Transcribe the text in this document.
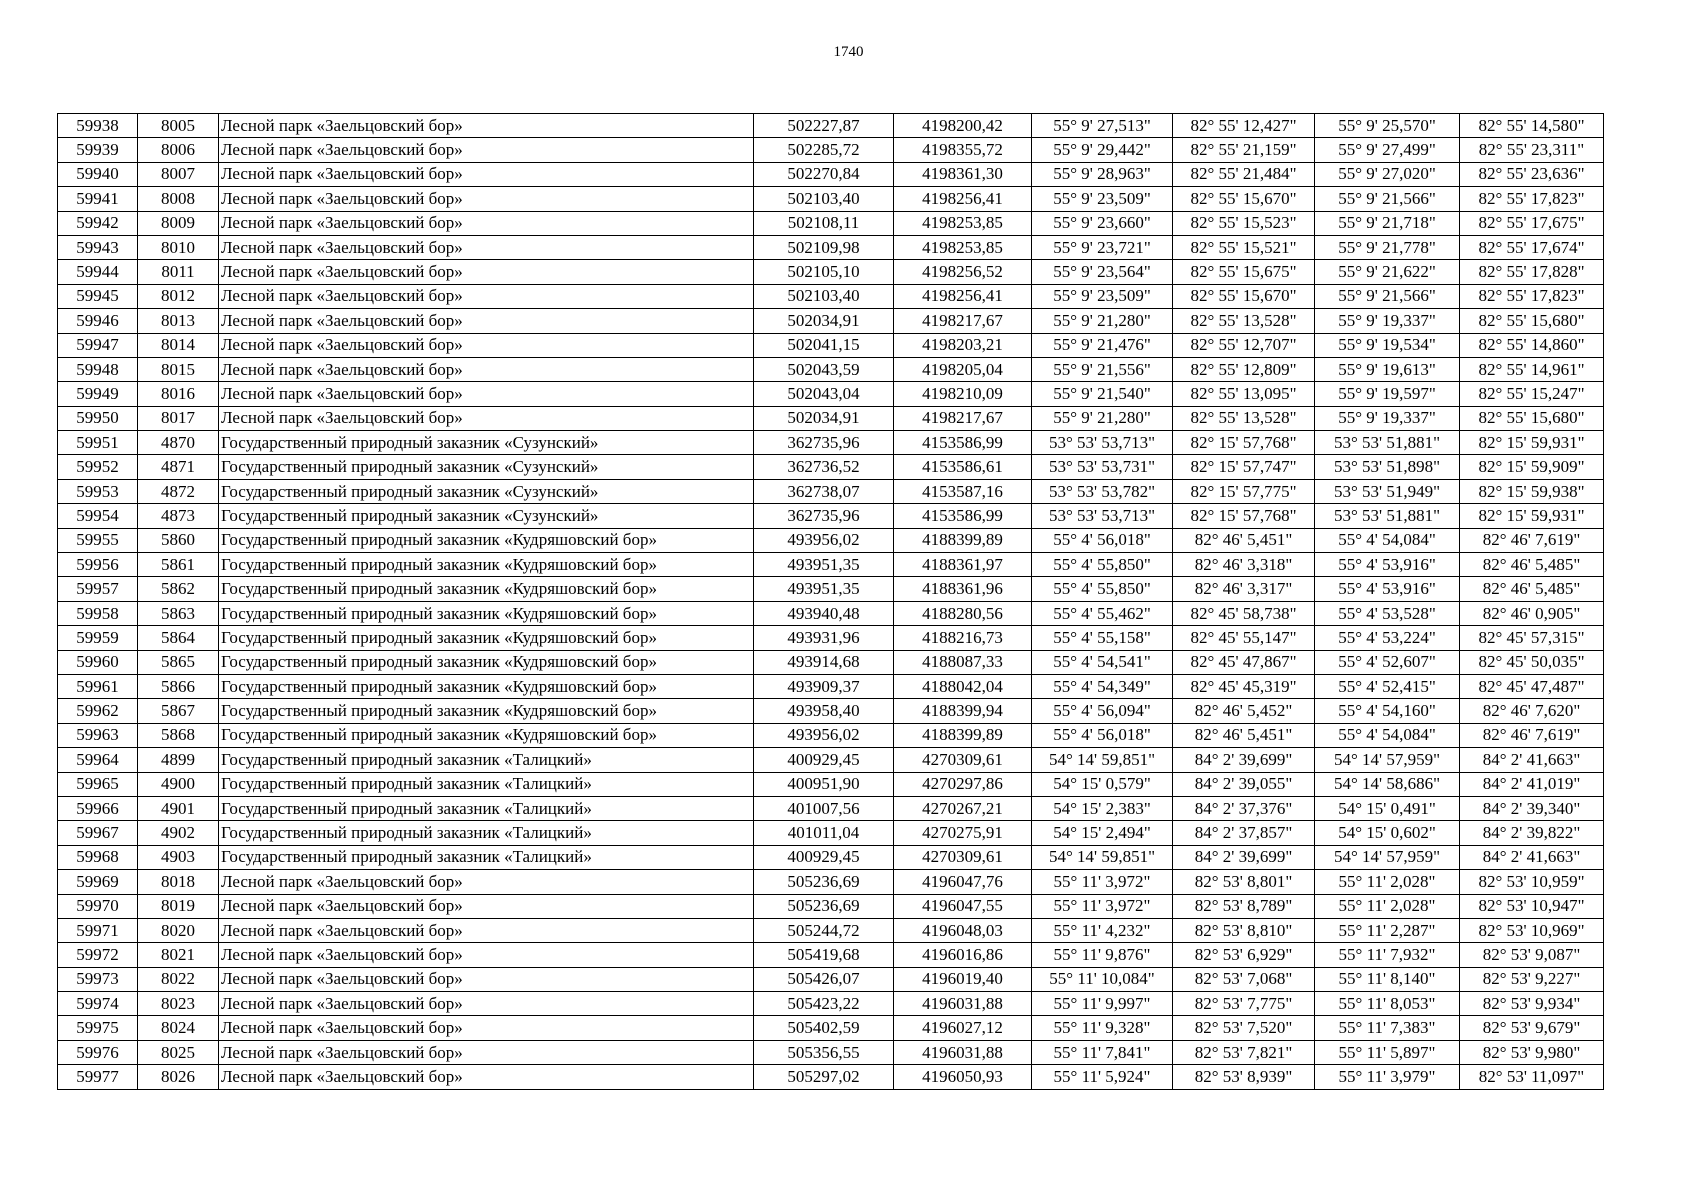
1740
59938	8005	Лесной парк «Заельцовский бор»	502227,87	4198200,42	55° 9' 27,513"	82° 55' 12,427"	55° 9' 25,570"	82° 55' 14,580"
59939	8006	Лесной парк «Заельцовский бор»	502285,72	4198355,72	55° 9' 29,442"	82° 55' 21,159"	55° 9' 27,499"	82° 55' 23,311"
59940	8007	Лесной парк «Заельцовский бор»	502270,84	4198361,30	55° 9' 28,963"	82° 55' 21,484"	55° 9' 27,020"	82° 55' 23,636"
59941	8008	Лесной парк «Заельцовский бор»	502103,40	4198256,41	55° 9' 23,509"	82° 55' 15,670"	55° 9' 21,566"	82° 55' 17,823"
59942	8009	Лесной парк «Заельцовский бор»	502108,11	4198253,85	55° 9' 23,660"	82° 55' 15,523"	55° 9' 21,718"	82° 55' 17,675"
59943	8010	Лесной парк «Заельцовский бор»	502109,98	4198253,85	55° 9' 23,721"	82° 55' 15,521"	55° 9' 21,778"	82° 55' 17,674"
59944	8011	Лесной парк «Заельцовский бор»	502105,10	4198256,52	55° 9' 23,564"	82° 55' 15,675"	55° 9' 21,622"	82° 55' 17,828"
59945	8012	Лесной парк «Заельцовский бор»	502103,40	4198256,41	55° 9' 23,509"	82° 55' 15,670"	55° 9' 21,566"	82° 55' 17,823"
59946	8013	Лесной парк «Заельцовский бор»	502034,91	4198217,67	55° 9' 21,280"	82° 55' 13,528"	55° 9' 19,337"	82° 55' 15,680"
59947	8014	Лесной парк «Заельцовский бор»	502041,15	4198203,21	55° 9' 21,476"	82° 55' 12,707"	55° 9' 19,534"	82° 55' 14,860"
59948	8015	Лесной парк «Заельцовский бор»	502043,59	4198205,04	55° 9' 21,556"	82° 55' 12,809"	55° 9' 19,613"	82° 55' 14,961"
59949	8016	Лесной парк «Заельцовский бор»	502043,04	4198210,09	55° 9' 21,540"	82° 55' 13,095"	55° 9' 19,597"	82° 55' 15,247"
59950	8017	Лесной парк «Заельцовский бор»	502034,91	4198217,67	55° 9' 21,280"	82° 55' 13,528"	55° 9' 19,337"	82° 55' 15,680"
59951	4870	Государственный природный заказник «Сузунский»	362735,96	4153586,99	53° 53' 53,713"	82° 15' 57,768"	53° 53' 51,881"	82° 15' 59,931"
59952	4871	Государственный природный заказник «Сузунский»	362736,52	4153586,61	53° 53' 53,731"	82° 15' 57,747"	53° 53' 51,898"	82° 15' 59,909"
59953	4872	Государственный природный заказник «Сузунский»	362738,07	4153587,16	53° 53' 53,782"	82° 15' 57,775"	53° 53' 51,949"	82° 15' 59,938"
59954	4873	Государственный природный заказник «Сузунский»	362735,96	4153586,99	53° 53' 53,713"	82° 15' 57,768"	53° 53' 51,881"	82° 15' 59,931"
59955	5860	Государственный природный заказник «Кудряшовский бор»	493956,02	4188399,89	55° 4' 56,018"	82° 46' 5,451"	55° 4' 54,084"	82° 46' 7,619"
59956	5861	Государственный природный заказник «Кудряшовский бор»	493951,35	4188361,97	55° 4' 55,850"	82° 46' 3,318"	55° 4' 53,916"	82° 46' 5,485"
59957	5862	Государственный природный заказник «Кудряшовский бор»	493951,35	4188361,96	55° 4' 55,850"	82° 46' 3,317"	55° 4' 53,916"	82° 46' 5,485"
59958	5863	Государственный природный заказник «Кудряшовский бор»	493940,48	4188280,56	55° 4' 55,462"	82° 45' 58,738"	55° 4' 53,528"	82° 46' 0,905"
59959	5864	Государственный природный заказник «Кудряшовский бор»	493931,96	4188216,73	55° 4' 55,158"	82° 45' 55,147"	55° 4' 53,224"	82° 45' 57,315"
59960	5865	Государственный природный заказник «Кудряшовский бор»	493914,68	4188087,33	55° 4' 54,541"	82° 45' 47,867"	55° 4' 52,607"	82° 45' 50,035"
59961	5866	Государственный природный заказник «Кудряшовский бор»	493909,37	4188042,04	55° 4' 54,349"	82° 45' 45,319"	55° 4' 52,415"	82° 45' 47,487"
59962	5867	Государственный природный заказник «Кудряшовский бор»	493958,40	4188399,94	55° 4' 56,094"	82° 46' 5,452"	55° 4' 54,160"	82° 46' 7,620"
59963	5868	Государственный природный заказник «Кудряшовский бор»	493956,02	4188399,89	55° 4' 56,018"	82° 46' 5,451"	55° 4' 54,084"	82° 46' 7,619"
59964	4899	Государственный природный заказник «Талицкий»	400929,45	4270309,61	54° 14' 59,851"	84° 2' 39,699"	54° 14' 57,959"	84° 2' 41,663"
59965	4900	Государственный природный заказник «Талицкий»	400951,90	4270297,86	54° 15' 0,579"	84° 2' 39,055"	54° 14' 58,686"	84° 2' 41,019"
59966	4901	Государственный природный заказник «Талицкий»	401007,56	4270267,21	54° 15' 2,383"	84° 2' 37,376"	54° 15' 0,491"	84° 2' 39,340"
59967	4902	Государственный природный заказник «Талицкий»	401011,04	4270275,91	54° 15' 2,494"	84° 2' 37,857"	54° 15' 0,602"	84° 2' 39,822"
59968	4903	Государственный природный заказник «Талицкий»	400929,45	4270309,61	54° 14' 59,851"	84° 2' 39,699"	54° 14' 57,959"	84° 2' 41,663"
59969	8018	Лесной парк «Заельцовский бор»	505236,69	4196047,76	55° 11' 3,972"	82° 53' 8,801"	55° 11' 2,028"	82° 53' 10,959"
59970	8019	Лесной парк «Заельцовский бор»	505236,69	4196047,55	55° 11' 3,972"	82° 53' 8,789"	55° 11' 2,028"	82° 53' 10,947"
59971	8020	Лесной парк «Заельцовский бор»	505244,72	4196048,03	55° 11' 4,232"	82° 53' 8,810"	55° 11' 2,287"	82° 53' 10,969"
59972	8021	Лесной парк «Заельцовский бор»	505419,68	4196016,86	55° 11' 9,876"	82° 53' 6,929"	55° 11' 7,932"	82° 53' 9,087"
59973	8022	Лесной парк «Заельцовский бор»	505426,07	4196019,40	55° 11' 10,084"	82° 53' 7,068"	55° 11' 8,140"	82° 53' 9,227"
59974	8023	Лесной парк «Заельцовский бор»	505423,22	4196031,88	55° 11' 9,997"	82° 53' 7,775"	55° 11' 8,053"	82° 53' 9,934"
59975	8024	Лесной парк «Заельцовский бор»	505402,59	4196027,12	55° 11' 9,328"	82° 53' 7,520"	55° 11' 7,383"	82° 53' 9,679"
59976	8025	Лесной парк «Заельцовский бор»	505356,55	4196031,88	55° 11' 7,841"	82° 53' 7,821"	55° 11' 5,897"	82° 53' 9,980"
59977	8026	Лесной парк «Заельцовский бор»	505297,02	4196050,93	55° 11' 5,924"	82° 53' 8,939"	55° 11' 3,979"	82° 53' 11,097"
